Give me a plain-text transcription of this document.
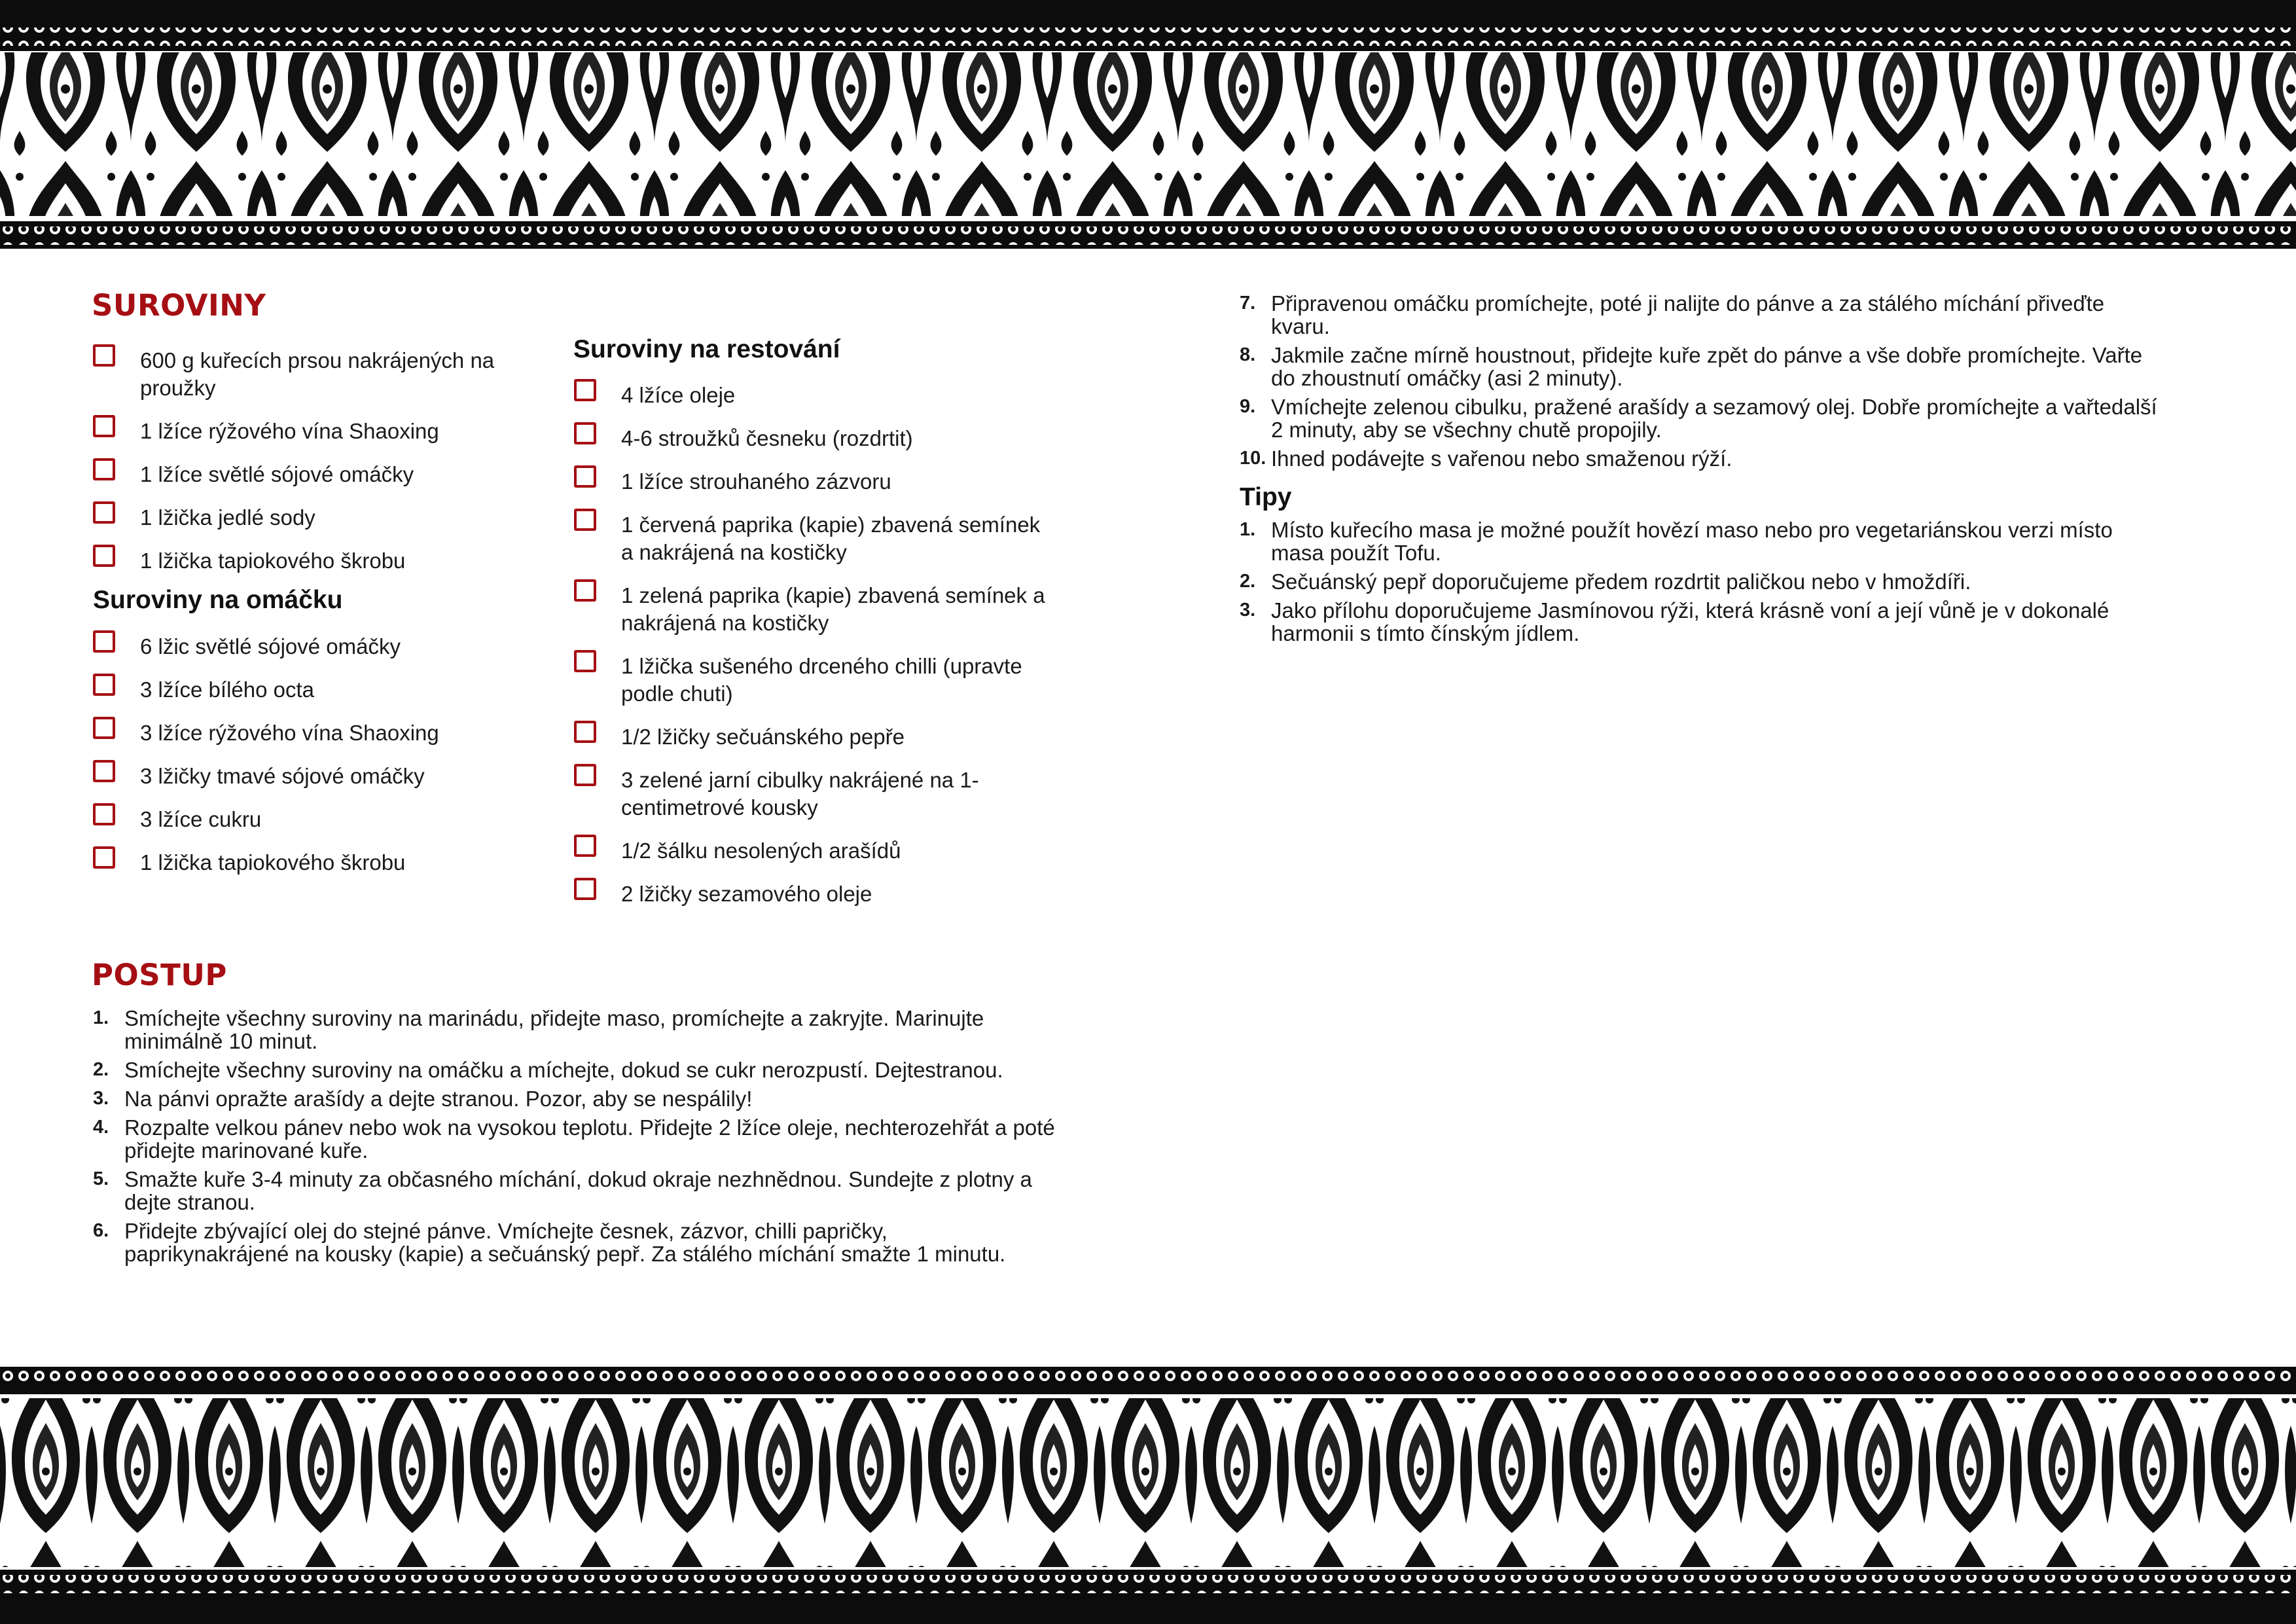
SUROVINY
600 g kuřecích prsou nakrájených na proužky
1 lžíce rýžového vína Shaoxing
1 lžíce světlé sójové omáčky
1 lžička jedlé sody
1 lžička tapiokového škrobu
Suroviny na omáčku
6 lžic světlé sójové omáčky
3 lžíce bílého octa
3 lžíce rýžového vína Shaoxing
3 lžičky tmavé sójové omáčky
3 lžíce cukru
1 lžička tapiokového škrobu
Suroviny na restování
4 lžíce oleje
4-6 stroužků česneku (rozdrtit)
1 lžíce strouhaného zázvoru
1 červená paprika (kapie) zbavená semínek a nakrájená na kostičky
1 zelená paprika (kapie) zbavená semínek a nakrájená na kostičky
1 lžička sušeného drceného chilli (upravte podle chuti)
1/2 lžičky sečuánského pepře
3 zelené jarní cibulky nakrájené na 1-centimetrové kousky
1/2 šálku nesolených arašídů
2 lžičky sezamového oleje
POSTUP
1. Smíchejte všechny suroviny na marinádu, přidejte maso, promíchejte a zakryjte. Marinujte minimálně 10 minut.
2. Smíchejte všechny suroviny na omáčku a míchejte, dokud se cukr nerozpustí. Dejtestranou.
3. Na pánvi opražte arašídy a dejte stranou. Pozor, aby se nespálily!
4. Rozpalte velkou pánev nebo wok na vysokou teplotu. Přidejte 2 lžíce oleje, nechterozehřát a poté přidejte marinované kuře.
5. Smažte kuře 3-4 minuty za občasného míchání, dokud okraje nezhnědnou. Sundejte z plotny a dejte stranou.
6. Přidejte zbývající olej do stejné pánve. Vmíchejte česnek, zázvor, chilli papričky, paprikynakrájené na kousky (kapie) a sečuánský pepř. Za stálého míchání smažte 1 minutu.
7. Připravenou omáčku promíchejte, poté ji nalijte do pánve a za stálého míchání přiveďte kvaru.
8. Jakmile začne mírně houstnout, přidejte kuře zpět do pánve a vše dobře promíchejte. Vařte do zhoustnutí omáčky (asi 2 minuty).
9. Vmíchejte zelenou cibulku, pražené arašídy a sezamový olej. Dobře promíchejte a vařtedalší 2 minuty, aby se všechny chutě propojily.
10. Ihned podávejte s vařenou nebo smaženou rýží.
Tipy
1. Místo kuřecího masa je možné použít hovězí maso nebo pro vegetariánskou verzi místo masa použít Tofu.
2. Sečuánský pepř doporučujeme předem rozdrtit paličkou nebo v hmoždíři.
3. Jako přílohu doporučujeme Jasmínovou rýži, která krásně voní a její vůně je v dokonalé harmonii s tímto čínským jídlem.
